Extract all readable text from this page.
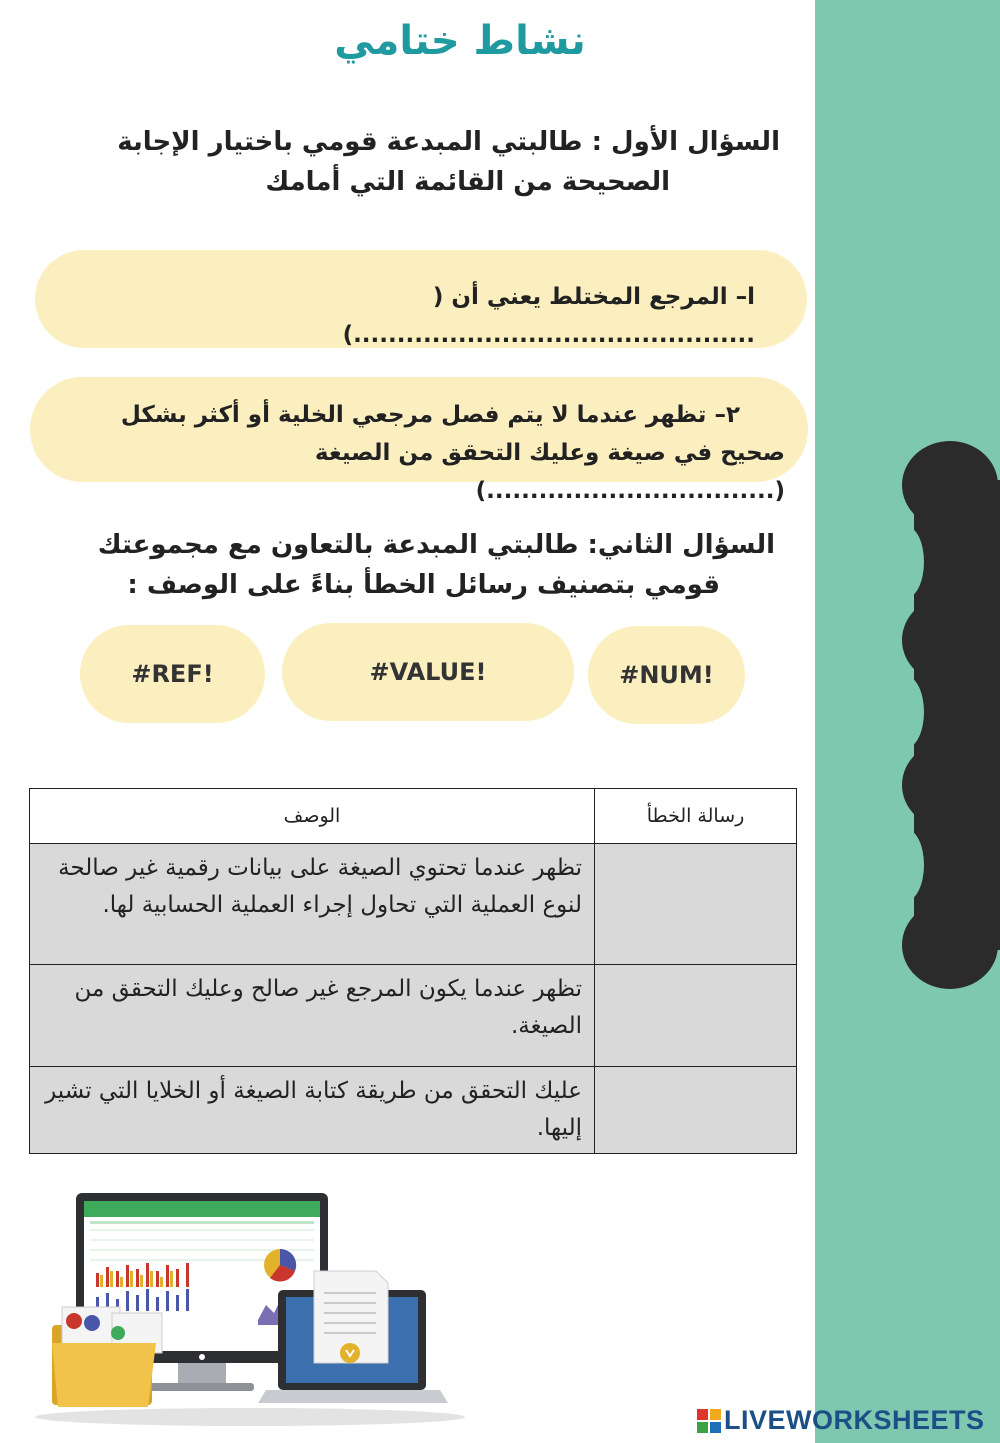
نشاط ختامي
السؤال الأول : طالبتي المبدعة قومي باختيار الإجابة
الصحيحة من القائمة التي أمامك
ا– المرجع المختلط يعني أن ( ..............................................)
٢– تظهر عندما لا يتم فصل مرجعي الخلية أو أكثر بشكل
صحيح في صيغة وعليك التحقق من الصيغة (.................................)
السؤال الثاني: طالبتي المبدعة بالتعاون مع مجموعتك
قومي بتصنيف رسائل الخطأ بناءً على الوصف :
#REF!	#VALUE!	#NUM!
رسالة الخطأ	الوصف
	تظهر عندما تحتوي الصيغة على بيانات رقمية غير صالحة لنوع العملية التي تحاول إجراء العملية الحسابية لها.
	تظهر عندما يكون المرجع غير صالح وعليك التحقق من الصيغة.
	عليك التحقق من طريقة كتابة الصيغة أو الخلايا التي تشير إليها.
LIVEWORKSHEETS
